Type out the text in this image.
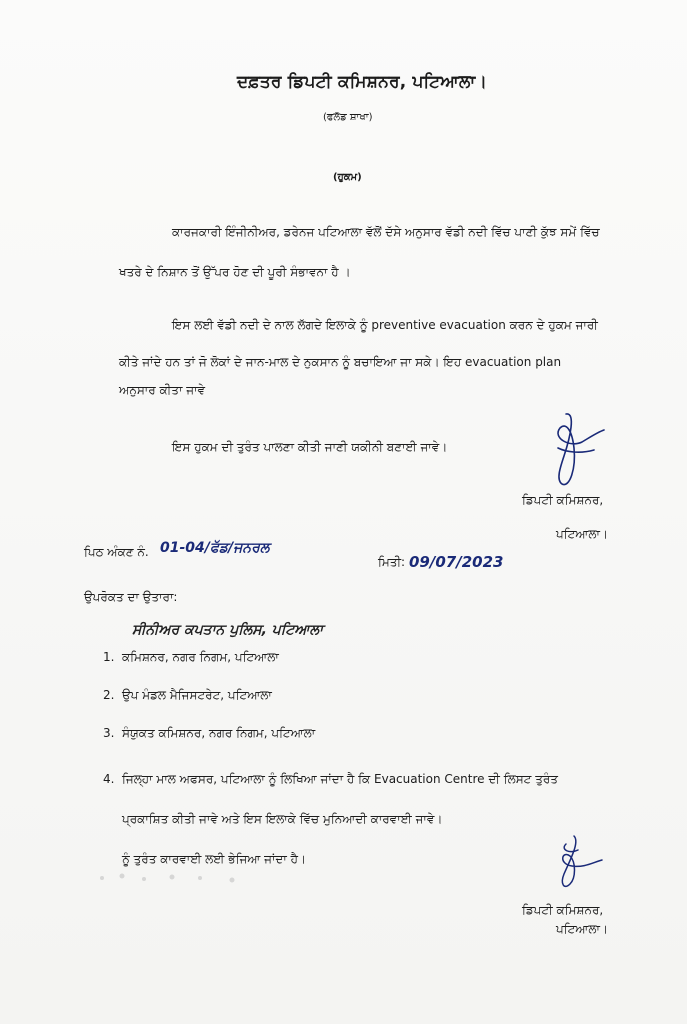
ਦਫ਼ਤਰ ਡਿਪਟੀ ਕਮਿਸ਼ਨਰ, ਪਟਿਆਲਾ।
(ਫਲੱਡ ਸ਼ਾਖਾ)
(ਹੁਕਮ)
ਕਾਰਜਕਾਰੀ ਇੰਜੀਨੀਅਰ, ਡਰੇਨਜ ਪਟਿਆਲਾ ਵੱਲੋਂ ਦੱਸੇ ਅਨੁਸਾਰ ਵੱਡੀ ਨਦੀ ਵਿੱਚ ਪਾਣੀ ਕੁੱਝ ਸਮੇਂ ਵਿੱਚ
ਖਤਰੇ ਦੇ ਨਿਸ਼ਾਨ ਤੋਂ ਉੱਪਰ ਹੋਣ ਦੀ ਪੂਰੀ ਸੰਭਾਵਨਾ ਹੈ ।
ਇਸ ਲਈ ਵੱਡੀ ਨਦੀ ਦੇ ਨਾਲ ਲੱਗਦੇ ਇਲਾਕੇ ਨੂੰ preventive evacuation ਕਰਨ ਦੇ ਹੁਕਮ ਜਾਰੀ
ਕੀਤੇ ਜਾਂਦੇ ਹਨ ਤਾਂ ਜੋ ਲੋਕਾਂ ਦੇ ਜਾਨ-ਮਾਲ ਦੇ ਨੁਕਸਾਨ ਨੂੰ ਬਚਾਇਆ ਜਾ ਸਕੇ। ਇਹ evacuation plan
ਅਨੁਸਾਰ ਕੀਤਾ ਜਾਵੇ
ਇਸ ਹੁਕਮ ਦੀ ਤੁਰੰਤ ਪਾਲਣਾ ਕੀਤੀ ਜਾਣੀ ਯਕੀਨੀ ਬਣਾਈ ਜਾਵੇ।
ਡਿਪਟੀ ਕਮਿਸ਼ਨਰ,
ਪਟਿਆਲਾ।
ਪਿਠ ਅੰਕਣ ਨੰ. 01-04/ਫੱਡ/ਜਨਰਲ
ਮਿਤੀ: 09/07/2023
ਉਪਰੋਕਤ ਦਾ ਉਤਾਰਾ:
ਸੀਨੀਅਰ ਕਪਤਾਨ ਪੁਲਿਸ, ਪਟਿਆਲਾ
1. ਕਮਿਸ਼ਨਰ, ਨਗਰ ਨਿਗਮ, ਪਟਿਆਲਾ
2. ਉਪ ਮੰਡਲ ਮੈਜਿਸਟਰੇਟ, ਪਟਿਆਲਾ
3. ਸੰਯੁਕਤ ਕਮਿਸ਼ਨਰ, ਨਗਰ ਨਿਗਮ, ਪਟਿਆਲਾ
4. ਜਿਲ੍ਹਾ ਮਾਲ ਅਫਸਰ, ਪਟਿਆਲਾ ਨੂੰ ਲਿਖਿਆ ਜਾਂਦਾ ਹੈ ਕਿ Evacuation Centre ਦੀ ਲਿਸਟ ਤੁਰੰਤ
ਪ੍ਰਕਾਸ਼ਿਤ ਕੀਤੀ ਜਾਵੇ ਅਤੇ ਇਸ ਇਲਾਕੇ ਵਿੱਚ ਮੁਨਿਆਦੀ ਕਾਰਵਾਈ ਜਾਵੇ।
ਨੂੰ ਤੁਰੰਤ ਕਾਰਵਾਈ ਲਈ ਭੇਜਿਆ ਜਾਂਦਾ ਹੈ।
ਡਿਪਟੀ ਕਮਿਸ਼ਨਰ,
ਪਟਿਆਲਾ।
